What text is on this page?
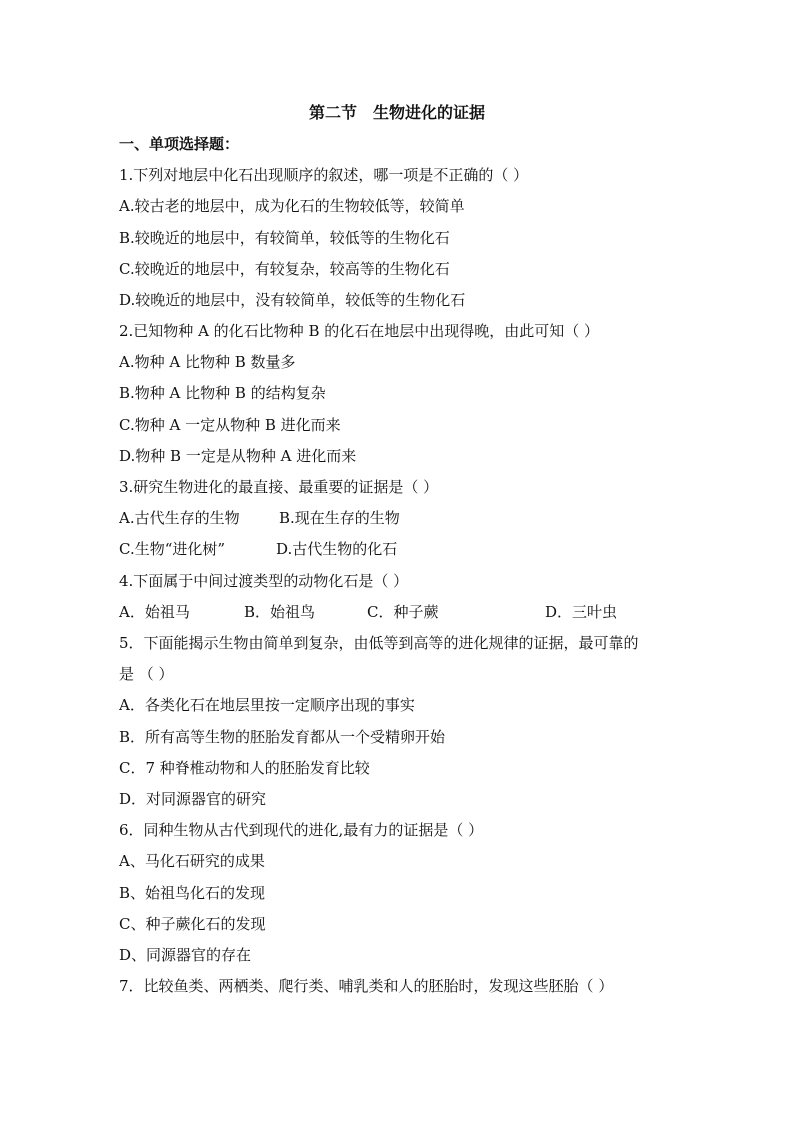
第二节　生物进化的证据
一、单项选择题：
1.下列对地层中化石出现顺序的叙述，哪一项是不正确的（ ）
A.较古老的地层中，成为化石的生物较低等，较简单
B.较晚近的地层中，有较简单，较低等的生物化石
C.较晚近的地层中，有较复杂，较高等的生物化石
D.较晚近的地层中，没有较简单，较低等的生物化石
2.已知物种 A 的化石比物种 B 的化石在地层中出现得晚，由此可知（ ）
A.物种 A 比物种 B 数量多
B.物种 A 比物种 B 的结构复杂
C.物种 A 一定从物种 B 进化而来
D.物种 B 一定是从物种 A 进化而来
3.研究生物进化的最直接、最重要的证据是（ ）
A.古代生存的生物	B.现在生存的生物
C.生物“进化树”	D.古代生物的化石
4.下面属于中间过渡类型的动物化石是（ ）
A．始祖马	B．始祖鸟	C．种子蕨	D．三叶虫
5．下面能揭示生物由简单到复杂，由低等到高等的进化规律的证据，最可靠的
是 （ ）
A．各类化石在地层里按一定顺序出现的事实
B．所有高等生物的胚胎发育都从一个受精卵开始
C．7 种脊椎动物和人的胚胎发育比较
D．对同源器官的研究
6．同种生物从古代到现代的进化,最有力的证据是（ ）
A、马化石研究的成果
B、始祖鸟化石的发现
C、种子蕨化石的发现
D、同源器官的存在
7．比较鱼类、两栖类、爬行类、哺乳类和人的胚胎时，发现这些胚胎（ ）
